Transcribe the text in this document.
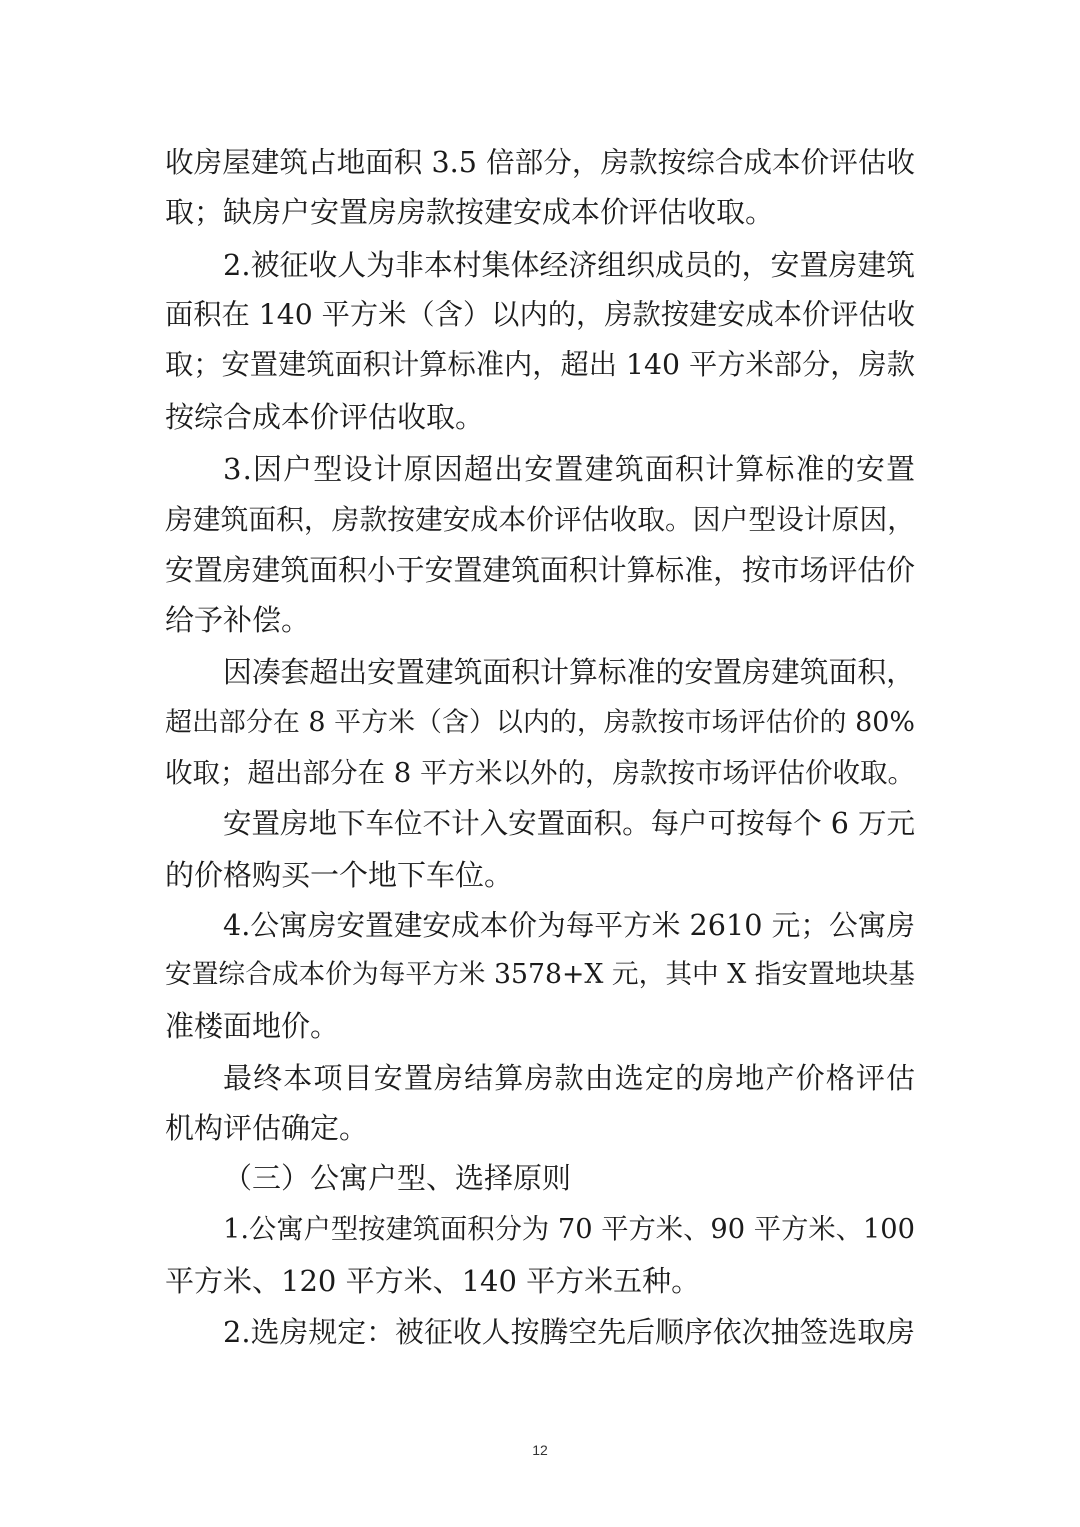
收房屋建筑占地面积 3.5 倍部分，房款按综合成本价评估收
取；缺房户安置房房款按建安成本价评估收取。
2.被征收人为非本村集体经济组织成员的，安置房建筑
面积在 140 平方米（含）以内的，房款按建安成本价评估收
取；安置建筑面积计算标准内，超出 140 平方米部分，房款
按综合成本价评估收取。
3.因户型设计原因超出安置建筑面积计算标准的安置
房建筑面积，房款按建安成本价评估收取。因户型设计原因，
安置房建筑面积小于安置建筑面积计算标准，按市场评估价
给予补偿。
因凑套超出安置建筑面积计算标准的安置房建筑面积，
超出部分在 8 平方米（含）以内的，房款按市场评估价的 80%
收取；超出部分在 8 平方米以外的，房款按市场评估价收取。
安置房地下车位不计入安置面积。每户可按每个 6 万元
的价格购买一个地下车位。
4.公寓房安置建安成本价为每平方米 2610 元；公寓房
安置综合成本价为每平方米 3578+X 元，其中 X 指安置地块基
准楼面地价。
最终本项目安置房结算房款由选定的房地产价格评估
机构评估确定。
（三）公寓户型、选择原则
1.公寓户型按建筑面积分为 70 平方米、90 平方米、100
平方米、120 平方米、140 平方米五种。
2.选房规定：被征收人按腾空先后顺序依次抽签选取房
12
